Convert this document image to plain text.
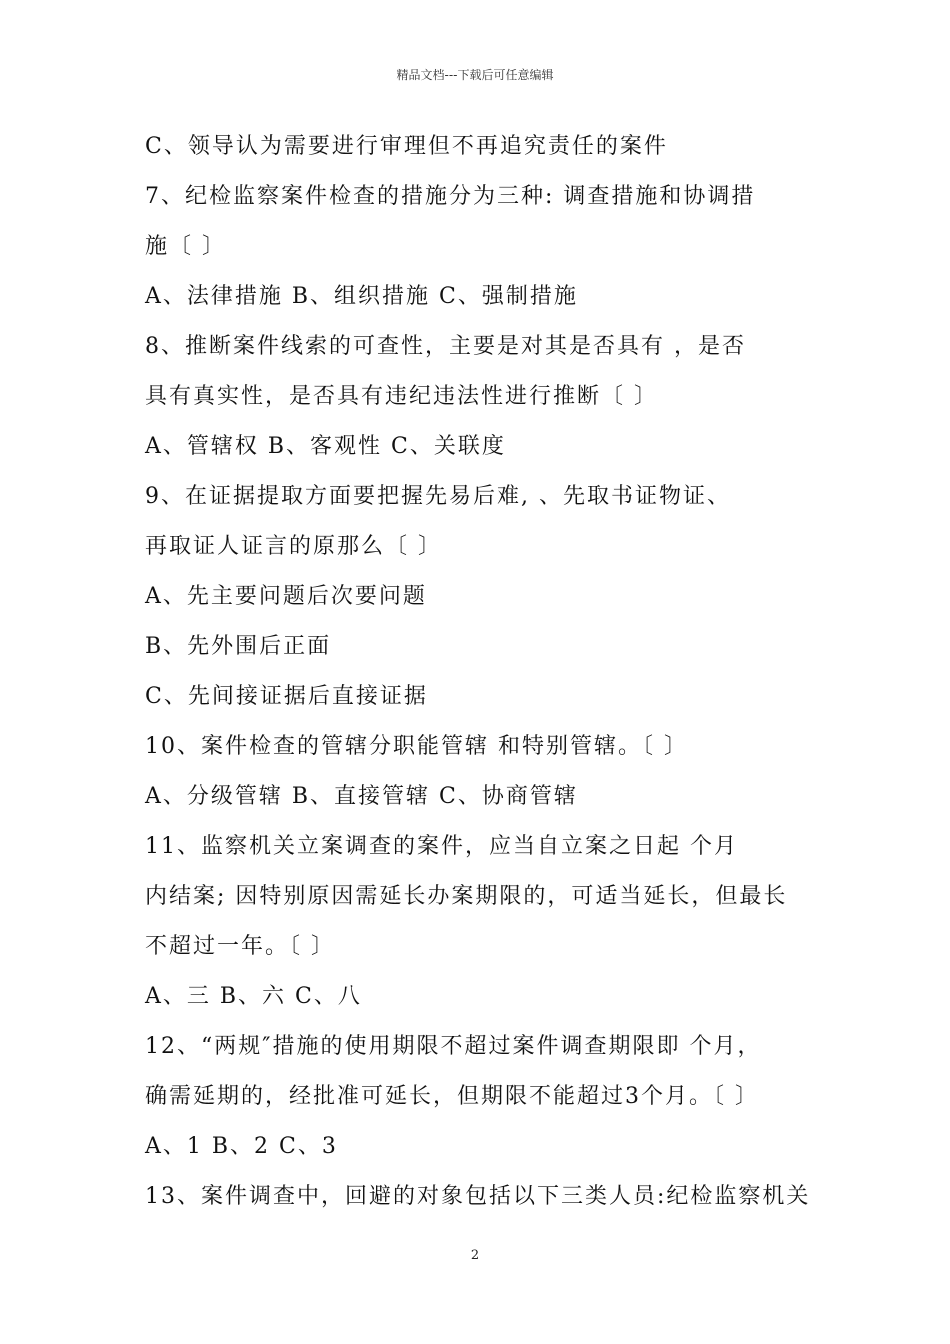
精品文档---下载后可任意编辑
C、领导认为需要进行审理但不再追究责任的案件
7、纪检监察案件检查的措施分为三种: 调查措施和协调措
施〔 〕
A、法律措施 B、组织措施 C、强制措施
8、推断案件线索的可查性，主要是对其是否具有 ，是否
具有真实性，是否具有违纪违法性进行推断〔 〕
A、管辖权 B、客观性 C、关联度
9、在证据提取方面要把握先易后难, 、先取书证物证、
再取证人证言的原那么〔 〕
A、先主要问题后次要问题
B、先外围后正面
C、先间接证据后直接证据
10、案件检查的管辖分职能管辖 和特别管辖。〔 〕
A、分级管辖 B、直接管辖 C、协商管辖
11、监察机关立案调查的案件，应当自立案之日起 个月
内结案; 因特别原因需延长办案期限的，可适当延长，但最长
不超过一年。〔 〕
A、三 B、六 C、八
12、“两规″措施的使用期限不超过案件调查期限即 个月，
确需延期的，经批准可延长，但期限不能超过3个月。〔 〕
A、1 B、2 C、3
13、案件调查中，回避的对象包括以下三类人员:纪检监察机关
2
